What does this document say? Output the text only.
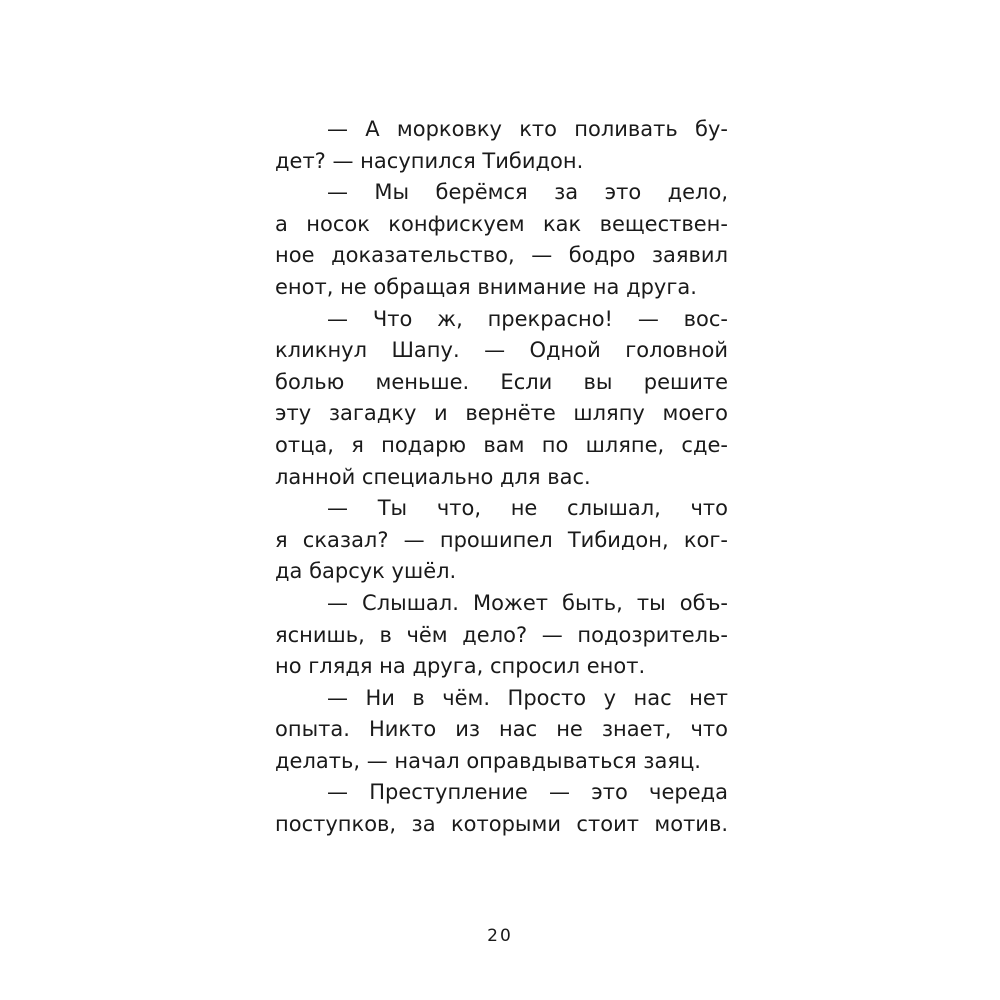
— А морковку кто поливать бу-
дет? — насупился Тибидон.
— Мы берёмся за это дело,
а носок конфискуем как веществен-
ное доказательство, — бодро заявил
енот, не обращая внимание на друга.
— Что ж, прекрасно! — вос-
кликнул Шапу. — Одной головной
болью меньше. Если вы решите
эту загадку и вернёте шляпу моего
отца, я подарю вам по шляпе, сде-
ланной специально для вас.
— Ты что, не слышал, что
я сказал? — прошипел Тибидон, ког-
да барсук ушёл.
— Слышал. Может быть, ты объ-
яснишь, в чём дело? — подозритель-
но глядя на друга, спросил енот.
— Ни в чём. Просто у нас нет
опыта. Никто из нас не знает, что
делать, — начал оправдываться заяц.
— Преступление — это череда
поступков, за которыми стоит мотив.
20
